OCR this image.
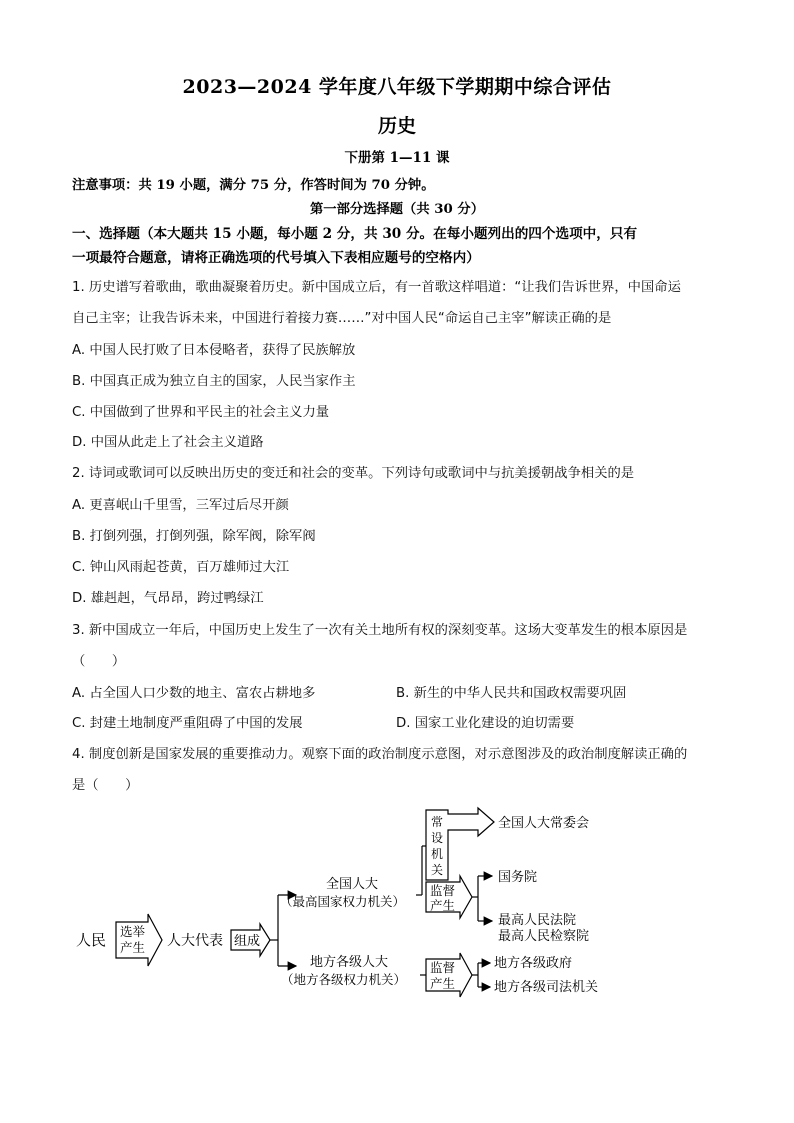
2023—2024 学年度八年级下学期期中综合评估
历史
下册第 1—11 课
注意事项：共 19 小题，满分 75 分，作答时间为 70 分钟。
第一部分选择题（共 30 分）
一、选择题（本大题共 15 小题，每小题 2 分，共 30 分。在每小题列出的四个选项中，只有
一项最符合题意，请将正确选项的代号填入下表相应题号的空格内）
1. 历史谱写着歌曲，歌曲凝聚着历史。新中国成立后，有一首歌这样唱道：“让我们告诉世界，中国命运
自己主宰；让我告诉未来，中国进行着接力赛……”对中国人民“命运自己主宰”解读正确的是
A. 中国人民打败了日本侵略者，获得了民族解放
B. 中国真正成为独立自主的国家，人民当家作主
C. 中国做到了世界和平民主的社会主义力量
D. 中国从此走上了社会主义道路
2. 诗词或歌词可以反映出历史的变迁和社会的变革。下列诗句或歌词中与抗美援朝战争相关的是
A. 更喜岷山千里雪，三军过后尽开颜
B. 打倒列强，打倒列强，除军阀，除军阀
C. 钟山风雨起苍黄，百万雄师过大江
D. 雄赳赳，气昂昂，跨过鸭绿江
3. 新中国成立一年后，中国历史上发生了一次有关土地所有权的深刻变革。这场大变革发生的根本原因是
（　　）
A. 占全国人口少数的地主、富农占耕地多	B. 新生的中华人民共和国政权需要巩固
C. 封建土地制度严重阻碍了中国的发展	D. 国家工业化建设的迫切需要
4. 制度创新是国家发展的重要推动力。观察下面的政治制度示意图，对示意图涉及的政治制度解读正确的
是（　　）
人民 选举
产生 人大代表 组成
全国人大
（最高国家权力机关）
地方各级人大
（地方各级权力机关）
常
设
机
关
全国人大常委会
监督
产生
国务院
最高人民法院
最高人民检察院
监督
产生
地方各级政府
地方各级司法机关
